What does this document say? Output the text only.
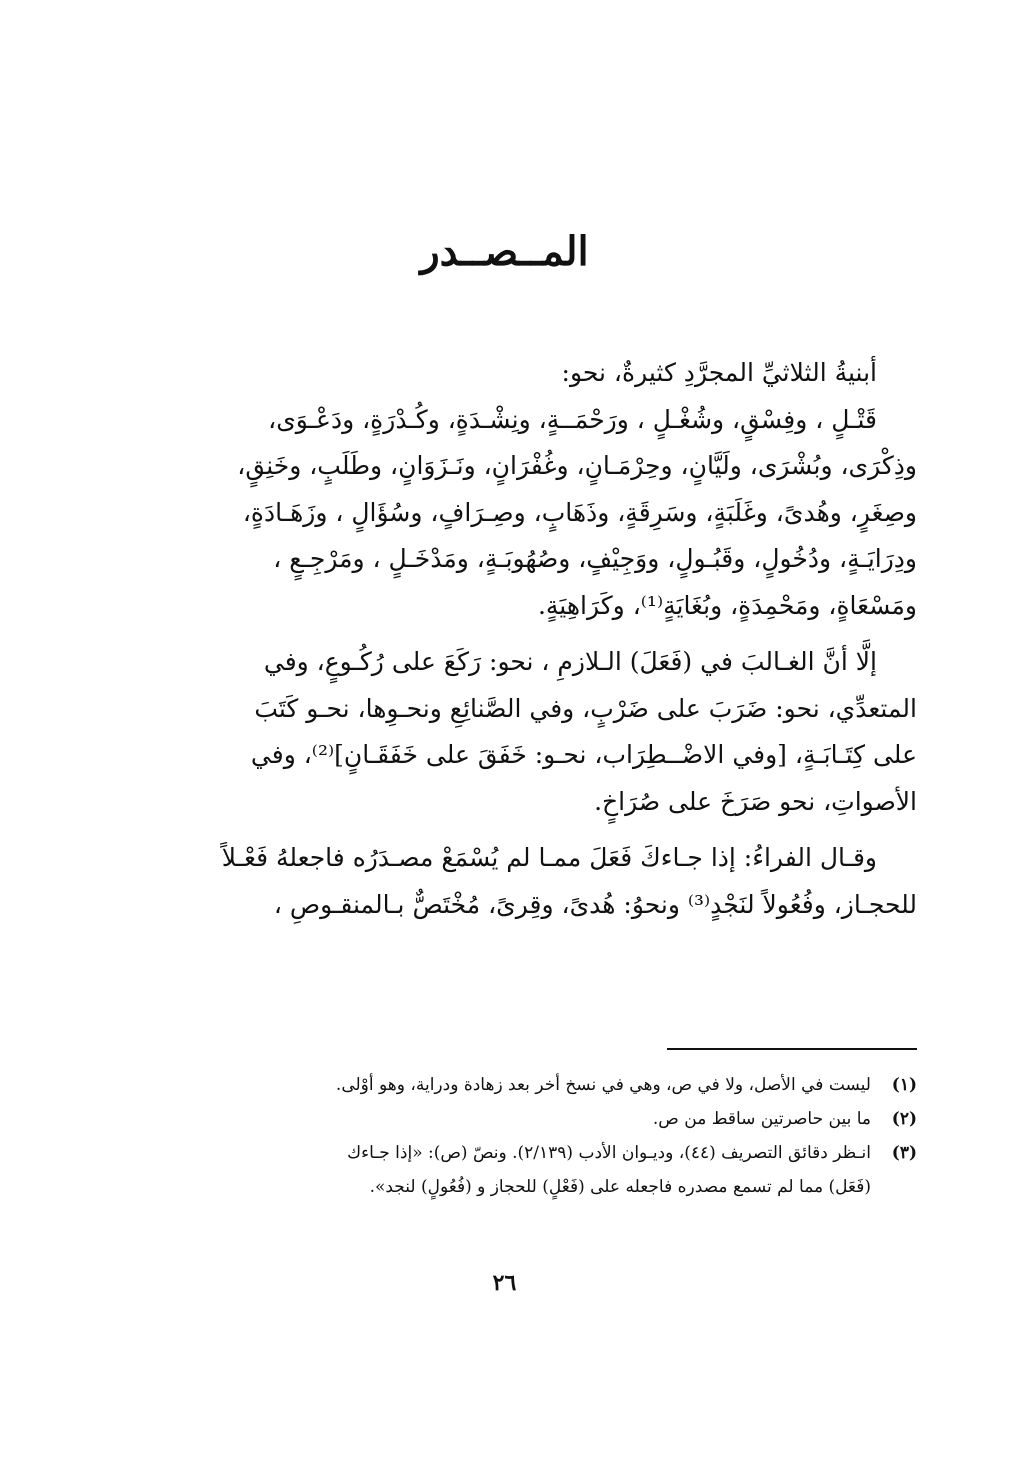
المــصــدر

أبنيةُ الثلاثيِّ المجرَّدِ كثيرةٌ، نحو:
قَتْـلٍ ، وفِسْقٍ، وشُغْـلٍ ، ورَحْمَــةٍ، ونِشْـدَةٍ، وكُـدْرَةٍ، ودَعْـوَى،
وذِكْرَى، وبُشْرَى، ولَيَّانٍ، وحِرْمَـانٍ، وغُفْرَانٍ، ونَـزَوَانٍ، وطَلَبٍ، وخَنِقٍ،
وصِغَرٍ، وهُدىً، وغَلَبَةٍ، وسَرِقَةٍ، وذَهَابٍ، وصِـرَافٍ، وسُؤَالٍ ، وزَهَـادَةٍ،
ودِرَايَـةٍ، ودُخُولٍ، وقَبُـولٍ، ووَجِيْفٍ، وصُهُوبَـةٍ، ومَدْخَـلٍ ، ومَرْجِـعٍ ،
ومَسْعَاةٍ، ومَحْمِدَةٍ، وبُغَايَةٍ⁽¹⁾، وكَرَاهِيَةٍ.

إلَّا أنَّ الغـالبَ في (فَعَلَ) الـلازمِ ، نحو: رَكَعَ على رُكُـوعٍ، وفي
المتعدِّي، نحو: ضَرَبَ على ضَرْبٍ، وفي الصَّنائِعِ ونحـوِها، نحـو كَتَبَ
على كِتَـابَـةٍ، [وفي الاضْــطِرَاب، نحـو: خَفَقَ على خَفَقَـانٍ]⁽²⁾، وفي
الأصواتِ، نحو صَرَخَ على صُرَاخٍ.

وقـال الفراءُ: إذا جـاءكَ فَعَلَ ممـا لم يُسْمَعْ مصـدَرُه فاجعلهُ فَعْـلاً
للحجـاز، وفُعُولاً لنَجْدٍ⁽³⁾ ونحوُ: هُدىً، وقِرىً، مُخْتَصٌّ بـالمنقـوصِ ،

(١)
ليست في الأصل، ولا في ص، وهي في نسخ أخر بعد زهادة ودراية، وهو أوْلى.
(٢)
ما بين حاصرتين ساقط من ص.
(٣)
انـظر دقائق التصريف (٤٤)، وديـوان الأدب (٢/١٣٩). ونصّ (ص): «إذا جـاءك
(فَعَل) مما لم تسمع مصدره فاجعله على (فَعْلٍ) للحجاز و (فُعُولٍ) لنجد».
٢٦
